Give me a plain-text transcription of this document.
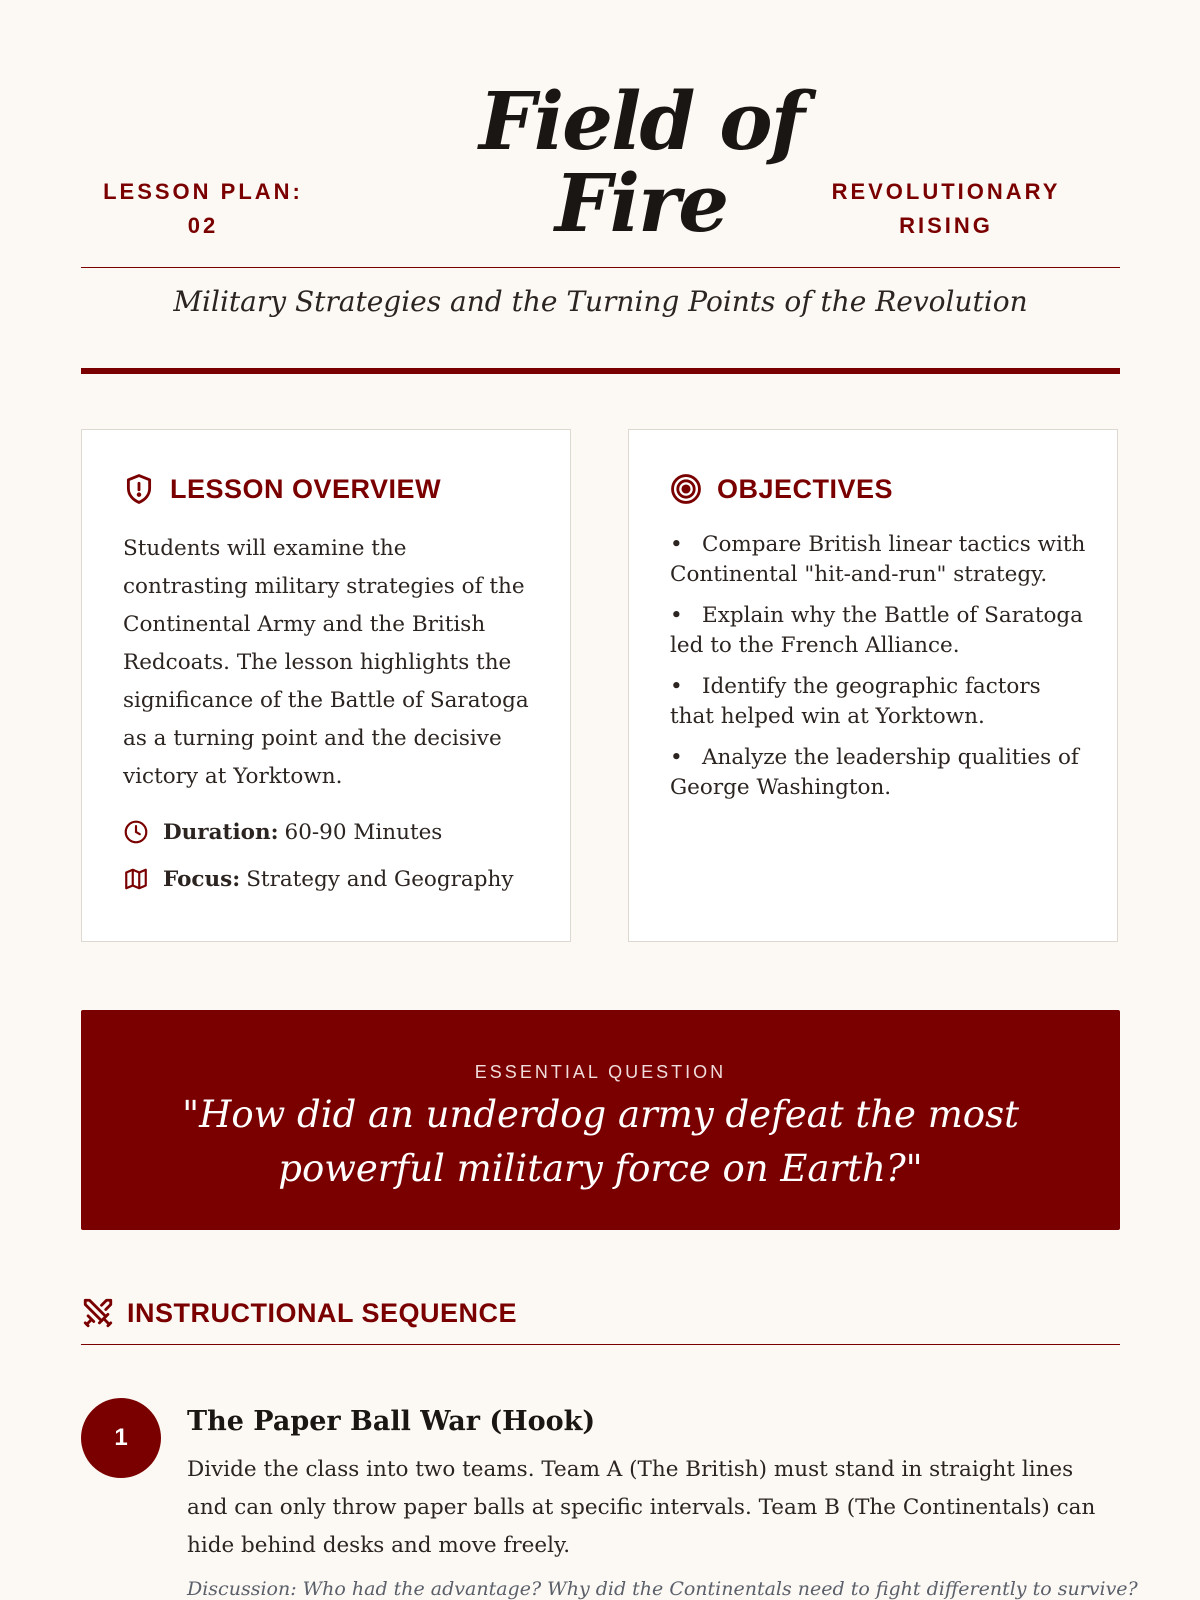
LESSON PLAN:
02
Field of
Fire	REVOLUTIONARY
RISING
Military Strategies and the Turning Points of the Revolution
LESSON OVERVIEW
Students will examine the contrasting military strategies of the Continental Army and the British Redcoats. The lesson highlights the significance of the Battle of Saratoga as a turning point and the decisive victory at Yorktown.
Duration: 60-90 Minutes
Focus: Strategy and Geography
OBJECTIVES
• Compare British linear tactics with Continental "hit-and-run" strategy.
• Explain why the Battle of Saratoga led to the French Alliance.
• Identify the geographic factors that helped win at Yorktown.
• Analyze the leadership qualities of George Washington.
ESSENTIAL QUESTION
"How did an underdog army defeat the most powerful military force on Earth?"
INSTRUCTIONAL SEQUENCE
1
The Paper Ball War (Hook)
Divide the class into two teams. Team A (The British) must stand in straight lines and can only throw paper balls at specific intervals. Team B (The Continentals) can hide behind desks and move freely.
Discussion: Who had the advantage? Why did the Continentals need to fight differently to survive?
